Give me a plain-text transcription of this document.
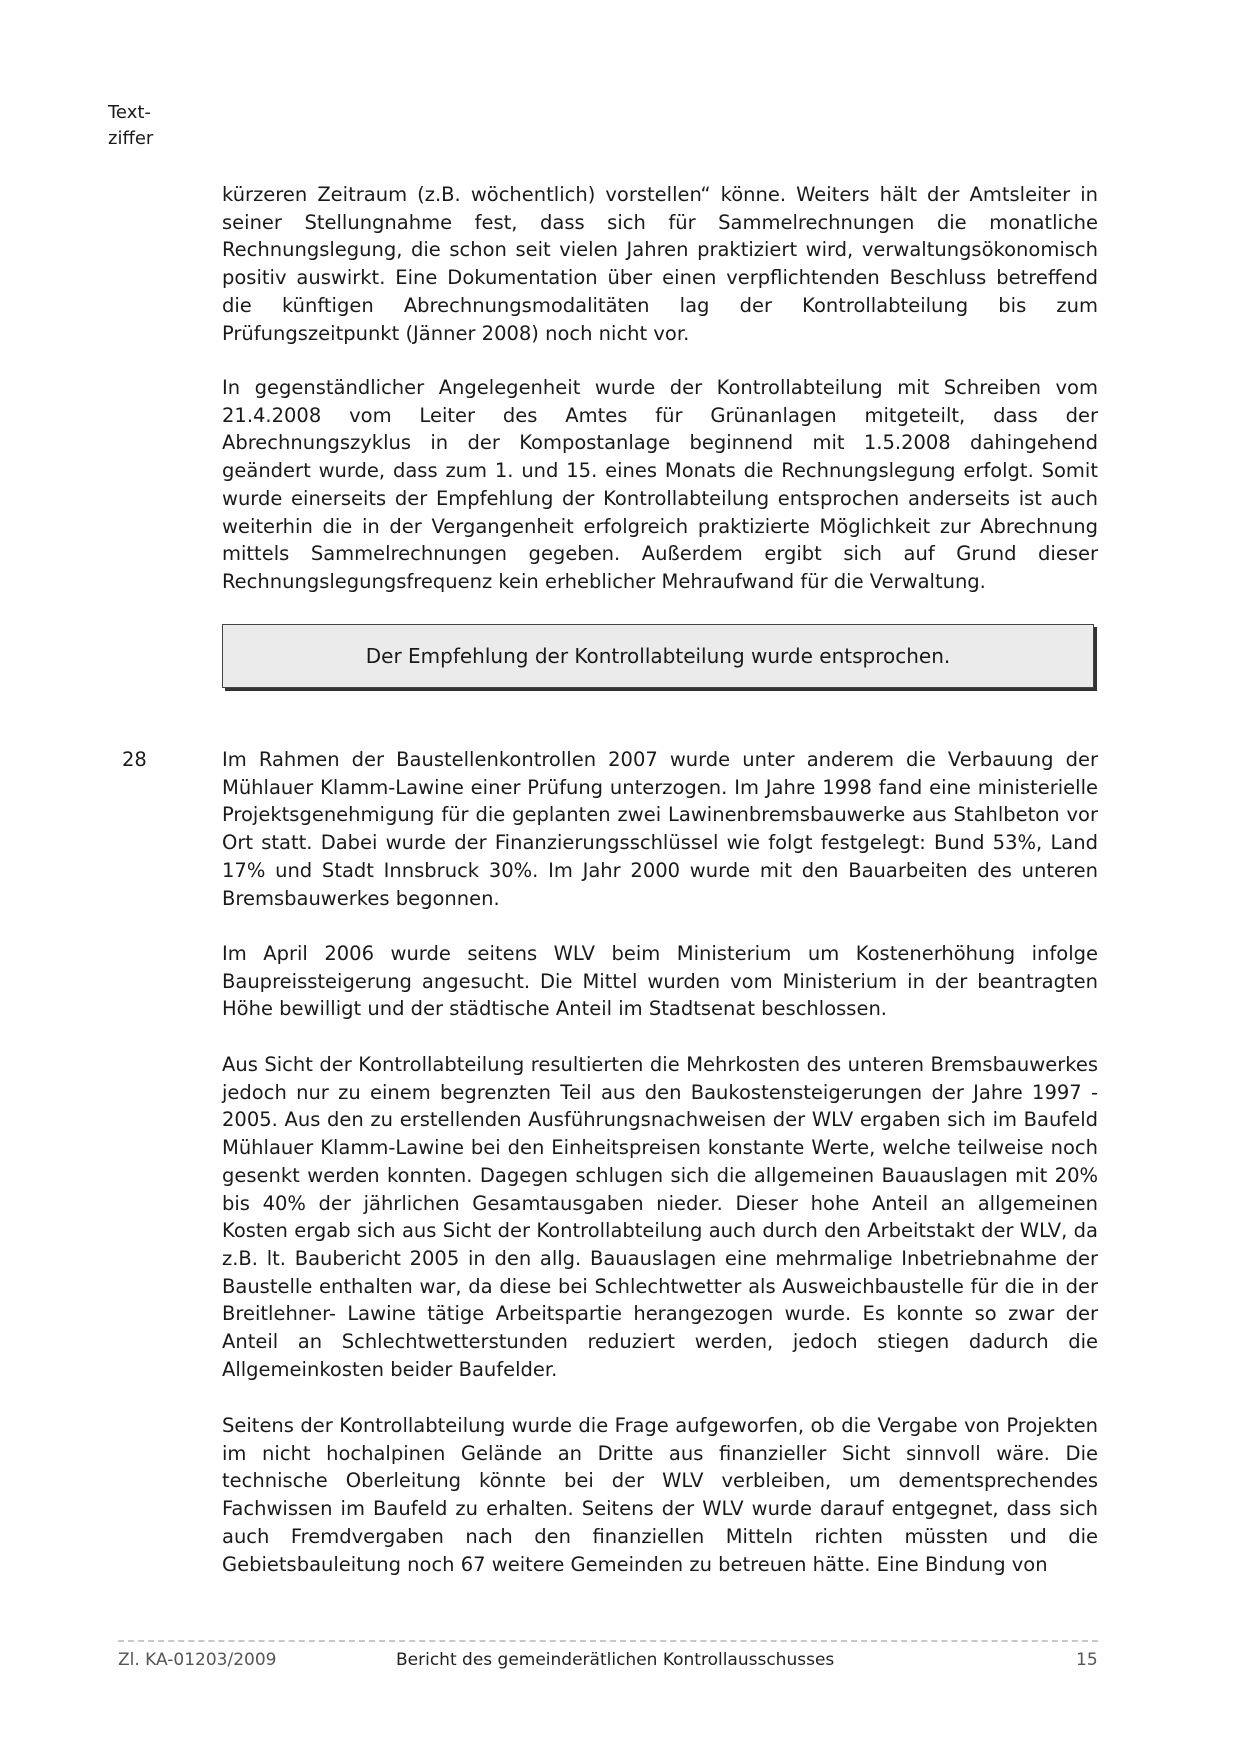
Text-
ziffer

kürzeren Zeitraum (z.B. wöchentlich) vorstellen“ könne. Weiters hält der Amtsleiter in seiner Stellungnahme fest, dass sich für Sammelrechnungen die monatliche Rechnungslegung, die schon seit vielen Jahren praktiziert wird, verwaltungsökonomisch positiv auswirkt. Eine Dokumentation über einen verpflichtenden Beschluss betreffend die künftigen Abrechnungsmodalitäten lag der Kontrollabteilung bis zum Prüfungszeitpunkt (Jänner 2008) noch nicht vor.

In gegenständlicher Angelegenheit wurde der Kontrollabteilung mit Schreiben vom 21.4.2008 vom Leiter des Amtes für Grünanlagen mitgeteilt, dass der Abrechnungszyklus in der Kompostanlage beginnend mit 1.5.2008 dahingehend geändert wurde, dass zum 1. und 15. eines Monats die Rechnungslegung erfolgt. Somit wurde einerseits der Empfehlung der Kontrollabteilung entsprochen anderseits ist auch weiterhin die in der Vergangenheit erfolgreich praktizierte Möglichkeit zur Abrechnung mittels Sammelrechnungen gegeben. Außerdem ergibt sich auf Grund dieser Rechnungslegungsfrequenz kein erheblicher Mehraufwand für die Verwaltung.

Der Empfehlung der Kontrollabteilung wurde entsprochen.
28	Im Rahmen der Baustellenkontrollen 2007 wurde unter anderem die Verbauung der Mühlauer Klamm-Lawine einer Prüfung unterzogen. Im Jahre 1998 fand eine ministerielle Projektsgenehmigung für die geplanten zwei Lawinenbremsbauwerke aus Stahlbeton vor Ort statt. Dabei wurde der Finanzierungsschlüssel wie folgt festgelegt: Bund 53%, Land 17% und Stadt Innsbruck 30%. Im Jahr 2000 wurde mit den Bauarbeiten des unteren Bremsbauwerkes begonnen.

Im April 2006 wurde seitens WLV beim Ministerium um Kostenerhöhung infolge Baupreissteigerung angesucht. Die Mittel wurden vom Ministerium in der beantragten Höhe bewilligt und der städtische Anteil im Stadtsenat beschlossen.

Aus Sicht der Kontrollabteilung resultierten die Mehrkosten des unteren Bremsbauwerkes jedoch nur zu einem begrenzten Teil aus den Baukostensteigerungen der Jahre 1997 - 2005. Aus den zu erstellenden Ausführungsnachweisen der WLV ergaben sich im Baufeld Mühlauer Klamm-Lawine bei den Einheitspreisen konstante Werte, welche teilweise noch gesenkt werden konnten. Dagegen schlugen sich die allgemeinen Bauauslagen mit 20% bis 40% der jährlichen Gesamtausgaben nieder. Dieser hohe Anteil an allgemeinen Kosten ergab sich aus Sicht der Kontrollabteilung auch durch den Arbeitstakt der WLV, da z.B. lt. Baubericht 2005 in den allg. Bauauslagen eine mehrmalige Inbetriebnahme der Baustelle enthalten war, da diese bei Schlechtwetter als Ausweichbaustelle für die in der Breitlehner- Lawine tätige Arbeitspartie herangezogen wurde. Es konnte so zwar der Anteil an Schlechtwetterstunden reduziert werden, jedoch stiegen dadurch die Allgemeinkosten beider Baufelder.

Seitens der Kontrollabteilung wurde die Frage aufgeworfen, ob die Vergabe von Projekten im nicht hochalpinen Gelände an Dritte aus finanzieller Sicht sinnvoll wäre. Die technische Oberleitung könnte bei der WLV verbleiben, um dementsprechendes Fachwissen im Baufeld zu erhalten. Seitens der WLV wurde darauf entgegnet, dass sich auch Fremdvergaben nach den finanziellen Mitteln richten müssten und die Gebietsbauleitung noch 67 weitere Gemeinden zu betreuen hätte. Eine Bindung von

Zl. KA-01203/2009	Bericht des gemeinderätlichen Kontrollausschusses	15
